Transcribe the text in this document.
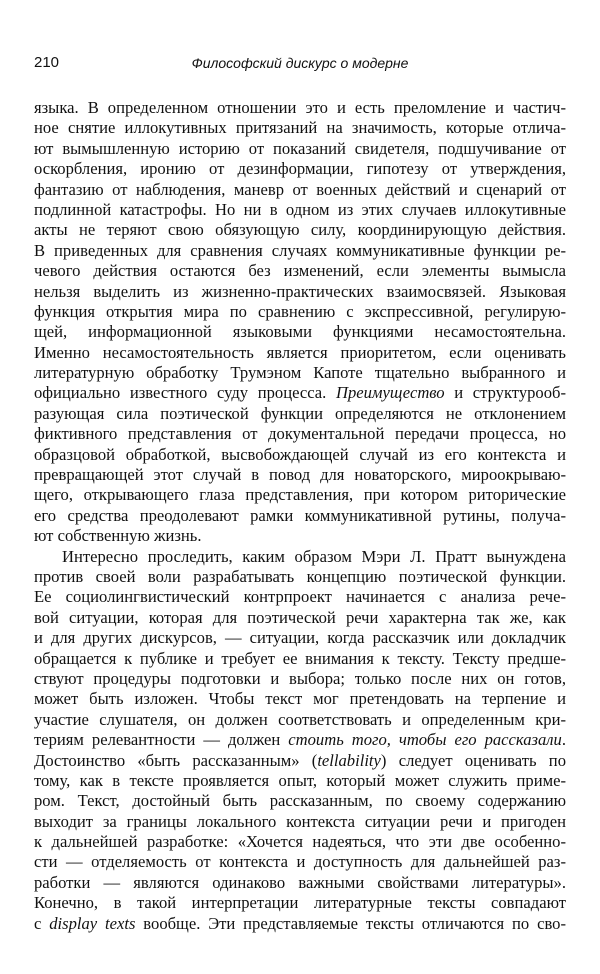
210	Философский дискурс о модерне
языка. В определенном отношении это и есть преломление и частич-
ное снятие иллокутивных притязаний на значимость, которые отлича-
ют вымышленную историю от показаний свидетеля, подшучивание от
оскорбления, иронию от дезинформации, гипотезу от утверждения,
фантазию от наблюдения, маневр от военных действий и сценарий от
подлинной катастрофы. Но ни в одном из этих случаев иллокутивные
акты не теряют свою обязующую силу, координирующую действия.
В приведенных для сравнения случаях коммуникативные функции ре-
чевого действия остаются без изменений, если элементы вымысла
нельзя выделить из жизненно-практических взаимосвязей. Языковая
функция открытия мира по сравнению с экспрессивной, регулирую-
щей, информационной языковыми функциями несамостоятельна.
Именно несамостоятельность является приоритетом, если оценивать
литературную обработку Трумэном Капоте тщательно выбранного и
официально известного суду процесса. Преимущество и структурооб-
разующая сила поэтической функции определяются не отклонением
фиктивного представления от документальной передачи процесса, но
образцовой обработкой, высвобождающей случай из его контекста и
превращающей этот случай в повод для новаторского, мироокрываю-
щего, открывающего глаза представления, при котором риторические
его средства преодолевают рамки коммуникативной рутины, получа-
ют собственную жизнь.
Интересно проследить, каким образом Мэри Л. Пратт вынуждена
против своей воли разрабатывать концепцию поэтической функции.
Ее социолингвистический контрпроект начинается с анализа рече-
вой ситуации, которая для поэтической речи характерна так же, как
и для других дискурсов, — ситуации, когда рассказчик или докладчик
обращается к публике и требует ее внимания к тексту. Тексту предше-
ствуют процедуры подготовки и выбора; только после них он готов,
может быть изложен. Чтобы текст мог претендовать на терпение и
участие слушателя, он должен соответствовать и определенным кри-
териям релевантности — должен стоить того, чтобы его рассказали.
Достоинство «быть рассказанным» (tellability) следует оценивать по
тому, как в тексте проявляется опыт, который может служить приме-
ром. Текст, достойный быть рассказанным, по своему содержанию
выходит за границы локального контекста ситуации речи и пригоден
к дальнейшей разработке: «Хочется надеяться, что эти две особенно-
сти — отделяемость от контекста и доступность для дальнейшей раз-
работки — являются одинаково важными свойствами литературы».
Конечно, в такой интерпретации литературные тексты совпадают
с display texts вообще. Эти представляемые тексты отличаются по сво-
